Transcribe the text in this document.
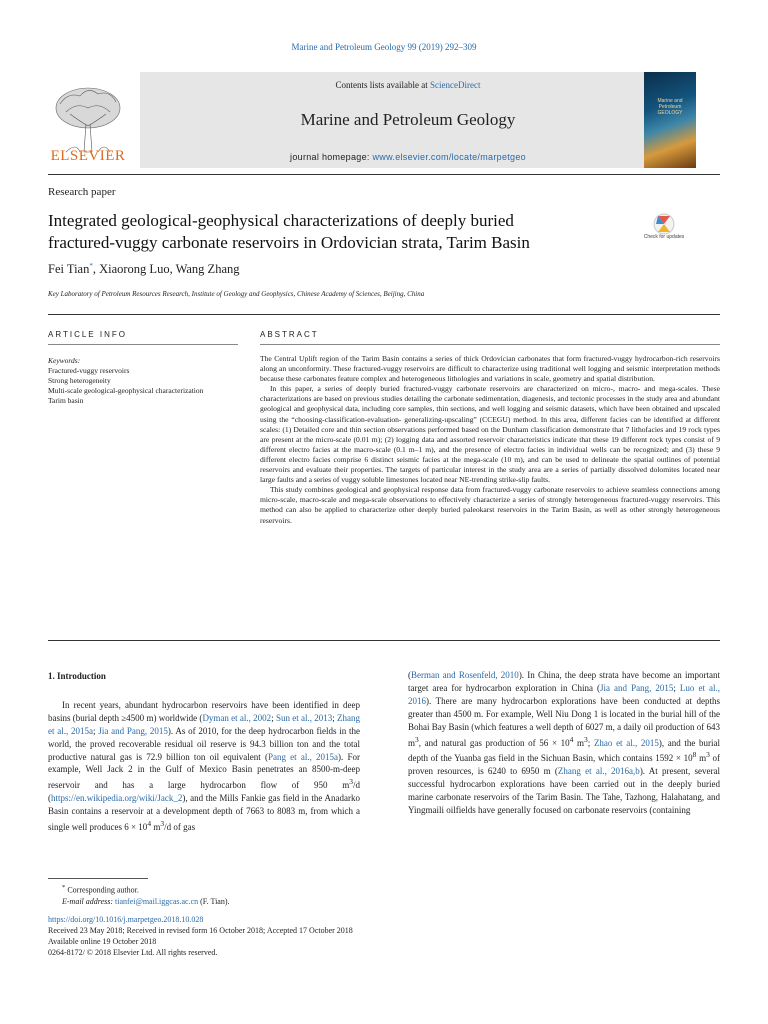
Marine and Petroleum Geology 99 (2019) 292–309
ELSEVIER
Contents lists available at ScienceDirect
Marine and Petroleum Geology
journal homepage: www.elsevier.com/locate/marpetgeo
Marine and Petroleum GEOLOGY
Research paper
Integrated geological-geophysical characterizations of deeply buried
fractured-vuggy carbonate reservoirs in Ordovician strata, Tarim Basin	Check for updates
Fei Tian*, Xiaorong Luo, Wang Zhang
Key Laboratory of Petroleum Resources Research, Institute of Geology and Geophysics, Chinese Academy of Sciences, Beijing, China
ARTICLE INFO	ABSTRACT
Keywords:
Fractured-vuggy reservoirs
Strong heterogeneity
Multi-scale geological-geophysical characterization
Tarim basin

The Central Uplift region of the Tarim Basin contains a series of thick Ordovician carbonates that form fractured-vuggy hydrocarbon-rich reservoirs along an unconformity. These fractured-vuggy reservoirs are difficult to characterize using traditional well logging and seismic interpretation methods because these carbonates feature complex and heterogeneous lithologies and variations in scale, geometry and spatial distribution.

In this paper, a series of deeply buried fractured-vuggy carbonate reservoirs are characterized on micro-, macro- and mega-scales. These characterizations are based on previous studies detailing the carbonate sedimentation, diagenesis, and tectonic processes in the study area and abundant geological and geophysical data, including core samples, thin sections, and well logging and seismic datasets, which have been obtained and upscaled using the “choosing-classification-evaluation- generalizing-upscaling” (CCEGU) method. In this area, different facies can be identified at different scales: (1) Detailed core and thin section observations performed based on the Dunham classification demonstrate that 7 lithofacies and 19 rock types are present at the micro-scale (0.01 m); (2) logging data and assorted reservoir characteristics indicate that these 19 different rock types consist of 9 different electro facies at the macro-scale (0.1 m–1 m), and the presence of electro facies in individual wells can be recognized; and (3) these 9 different electro facies comprise 6 distinct seismic facies at the mega-scale (10 m), and can be used to delineate the spatial outlines of potential reservoirs and evaluate their properties. The targets of particular interest in the study area are a series of partially dissolved dolomites located near large faults and a series of vuggy soluble limestones located near NE-trending strike-slip faults.

This study combines geological and geophysical response data from fractured-vuggy carbonate reservoirs to achieve seamless connections among micro-scale, macro-scale and mega-scale observations to effectively characterize a series of strongly heterogeneous fractured-vuggy reservoirs. This method can also be applied to characterize other deeply buried paleokarst reservoirs in the Tarim Basin, as well as other strongly heterogeneous reservoirs.

1. Introduction

In recent years, abundant hydrocarbon reservoirs have been identified in deep basins (burial depth ≥4500 m) worldwide (Dyman et al., 2002; Sun et al., 2013; Zhang et al., 2015a; Jia and Pang, 2015). As of 2010, for the deep hydrocarbon fields in the world, the proved recoverable residual oil reserve is 94.3 billion ton and the total productive natural gas is 72.9 billion ton oil equivalent (Pang et al., 2015a). For example, Well Jack 2 in the Gulf of Mexico Basin penetrates an 8500-m-deep reservoir and has a large hydrocarbon flow of 950 $m^3/d$ (https://en.wikipedia.org/wiki/Jack_2), and the Mills Fankie gas field in the Anadarko Basin contains a reservoir at a development depth of 7663 to 8083 m, from which a single well produces $6 \times 10^4$ $m^3/d$ of gas

(Berman and Rosenfeld, 2010). In China, the deep strata have become an important target area for hydrocarbon exploration in China (Jia and Pang, 2015; Luo et al., 2016). There are many hydrocarbon explorations have been conducted at depths greater than 4500 m. For example, Well Niu Dong 1 is located in the burial hill of the Bohai Bay Basin (which features a well depth of 6027 m, a daily oil production of 643 $m^3$, and natural gas production of $56 \times 10^4$ $m^3$; Zhao et al., 2015), and the burial depth of the Yuanba gas field in the Sichuan Basin, which contains $1592 \times 10^8$ $m^3$ of proven resources, is 6240 to 6950 m (Zhang et al., 2016a,b). At present, several successful hydrocarbon explorations have been carried out in the deeply buried marine carbonate reservoirs of the Tarim Basin. The Tahe, Tazhong, Halahatang, and Yingmaili oilfields have generally focused on carbonate reservoirs (containing

* Corresponding author.

E-mail address: tianfei@mail.iggcas.ac.cn (F. Tian).

https://doi.org/10.1016/j.marpetgeo.2018.10.028

Received 23 May 2018; Received in revised form 16 October 2018; Accepted 17 October 2018

Available online 19 October 2018

0264-8172/ © 2018 Elsevier Ltd. All rights reserved.
